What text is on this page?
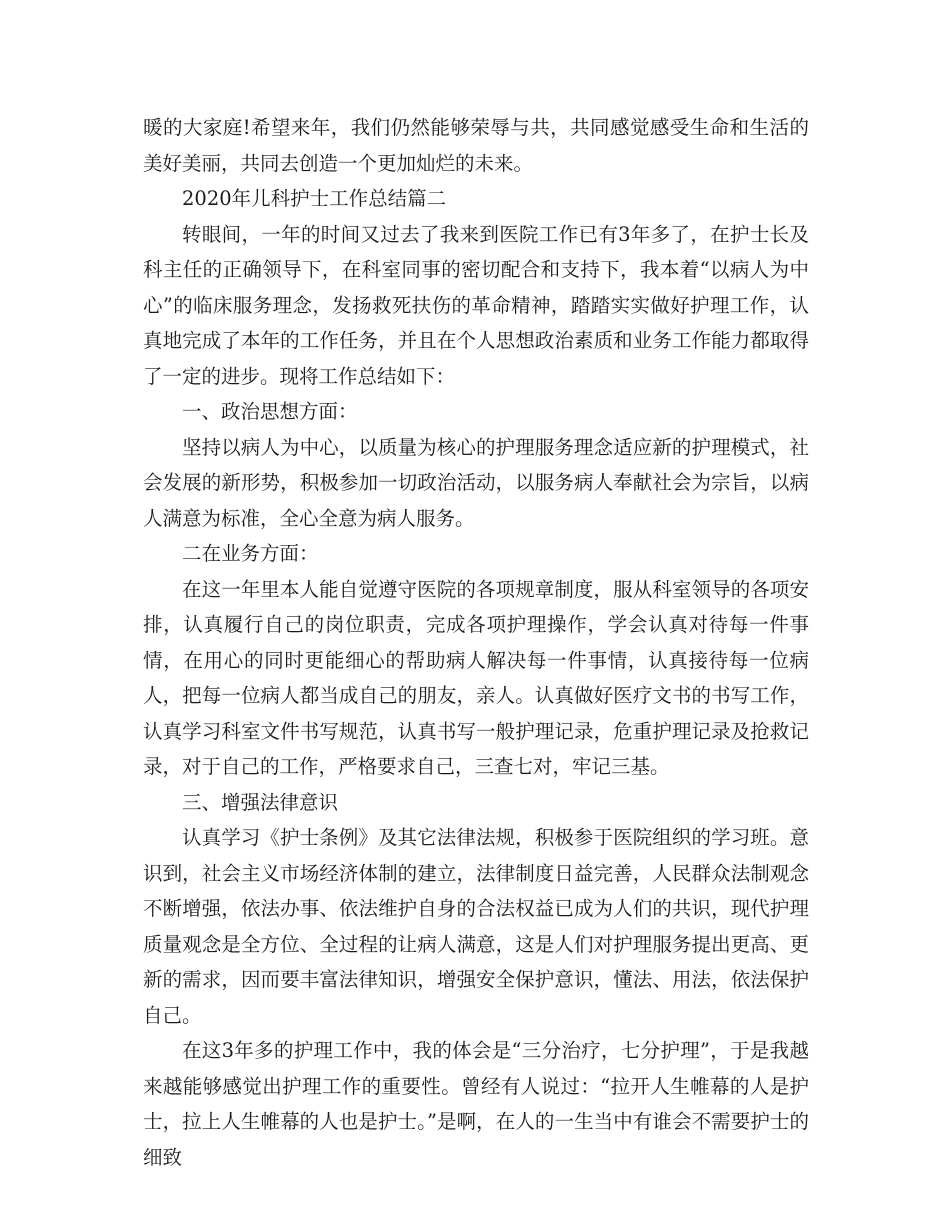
暖的大家庭!希望来年，我们仍然能够荣辱与共，共同感觉感受生命和生活的美好美丽，共同去创造一个更加灿烂的未来。

2020年儿科护士工作总结篇二

转眼间，一年的时间又过去了我来到医院工作已有3年多了，在护士长及科主任的正确领导下，在科室同事的密切配合和支持下，我本着“以病人为中心”的临床服务理念，发扬救死扶伤的革命精神，踏踏实实做好护理工作，认真地完成了本年的工作任务，并且在个人思想政治素质和业务工作能力都取得了一定的进步。现将工作总结如下：

一、政治思想方面：

坚持以病人为中心，以质量为核心的护理服务理念适应新的护理模式，社会发展的新形势，积极参加一切政治活动，以服务病人奉献社会为宗旨，以病人满意为标准，全心全意为病人服务。

二在业务方面：

在这一年里本人能自觉遵守医院的各项规章制度，服从科室领导的各项安排，认真履行自己的岗位职责，完成各项护理操作，学会认真对待每一件事情，在用心的同时更能细心的帮助病人解决每一件事情，认真接待每一位病人，把每一位病人都当成自己的朋友，亲人。认真做好医疗文书的书写工作，认真学习科室文件书写规范，认真书写一般护理记录，危重护理记录及抢救记录，对于自己的工作，严格要求自己，三查七对，牢记三基。

三、增强法律意识

认真学习《护士条例》及其它法律法规，积极参于医院组织的学习班。意识到，社会主义市场经济体制的建立，法律制度日益完善，人民群众法制观念不断增强，依法办事、依法维护自身的合法权益已成为人们的共识，现代护理质量观念是全方位、全过程的让病人满意，这是人们对护理服务提出更高、更新的需求，因而要丰富法律知识，增强安全保护意识，懂法、用法，依法保护自己。

在这3年多的护理工作中，我的体会是“三分治疗，七分护理”，于是我越来越能够感觉出护理工作的重要性。曾经有人说过：“拉开人生帷幕的人是护士，拉上人生帷幕的人也是护士。”是啊，在人的一生当中有谁会不需要护士的细致
